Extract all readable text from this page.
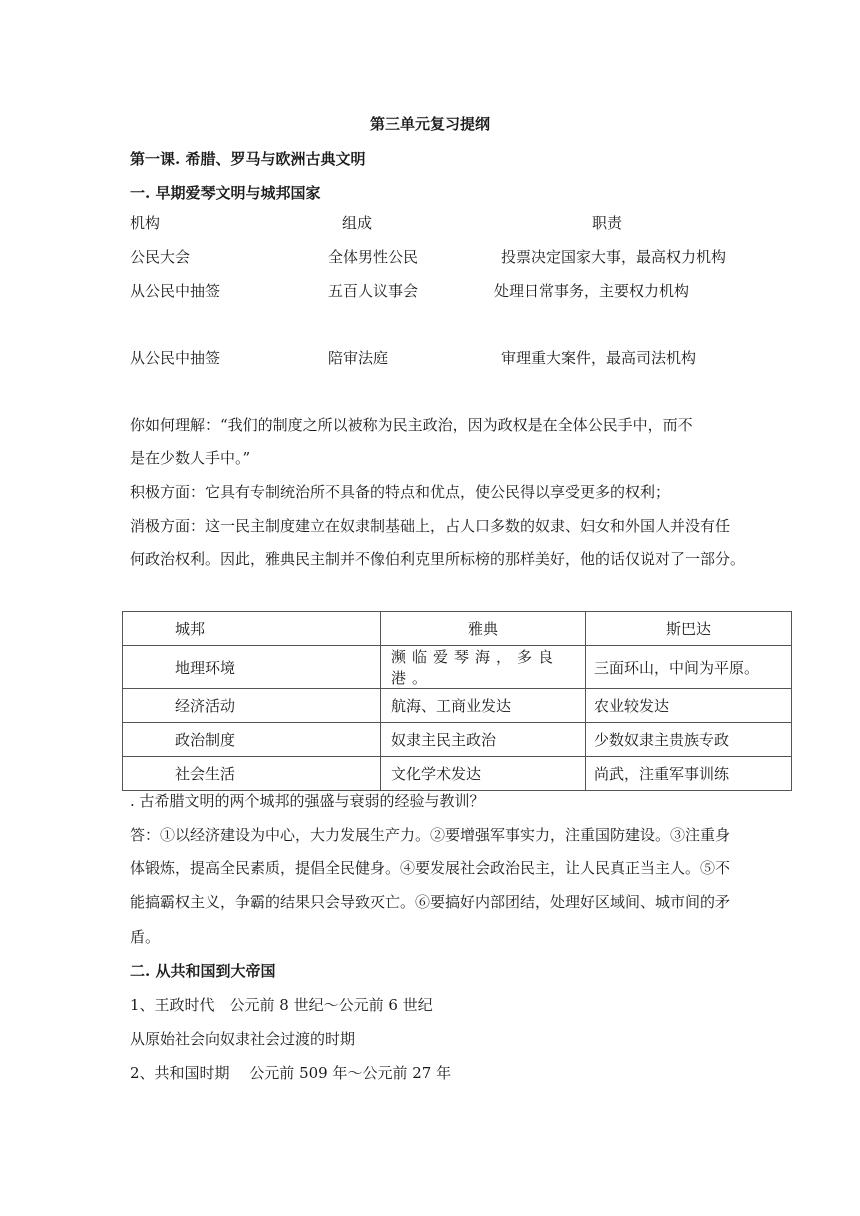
第三单元复习提纲
第一课. 希腊、罗马与欧洲古典文明
一. 早期爱琴文明与城邦国家
机构	组成	职责
公民大会	全体男性公民	投票决定国家大事，最高权力机构
从公民中抽签	五百人议事会	处理日常事务，主要权力机构
从公民中抽签	陪审法庭	审理重大案件，最高司法机构
你如何理解：“我们的制度之所以被称为民主政治，因为政权是在全体公民手中，而不
是在少数人手中。”
积极方面：它具有专制统治所不具备的特点和优点，使公民得以享受更多的权利；
消极方面：这一民主制度建立在奴隶制基础上，占人口多数的奴隶、妇女和外国人并没有任
何政治权利。因此，雅典民主制并不像伯利克里所标榜的那样美好，他的话仅说对了一部分。
城邦	雅典	斯巴达
地理环境	濒临爱琴海，多良港。	三面环山，中间为平原。
经济活动	航海、工商业发达	农业较发达
政治制度	奴隶主民主政治	少数奴隶主贵族专政
社会生活	文化学术发达	尚武，注重军事训练
. 古希腊文明的两个城邦的强盛与衰弱的经验与教训？
答：①以经济建设为中心，大力发展生产力。②要增强军事实力，注重国防建设。③注重身
体锻炼，提高全民素质，提倡全民健身。④要发展社会政治民主，让人民真正当主人。⑤不
能搞霸权主义，争霸的结果只会导致灭亡。⑥要搞好内部团结，处理好区域间、城市间的矛
盾。
二. 从共和国到大帝国
1、王政时代　公元前 8 世纪～公元前 6 世纪
从原始社会向奴隶社会过渡的时期
2、共和国时期　 公元前 509 年～公元前 27 年
